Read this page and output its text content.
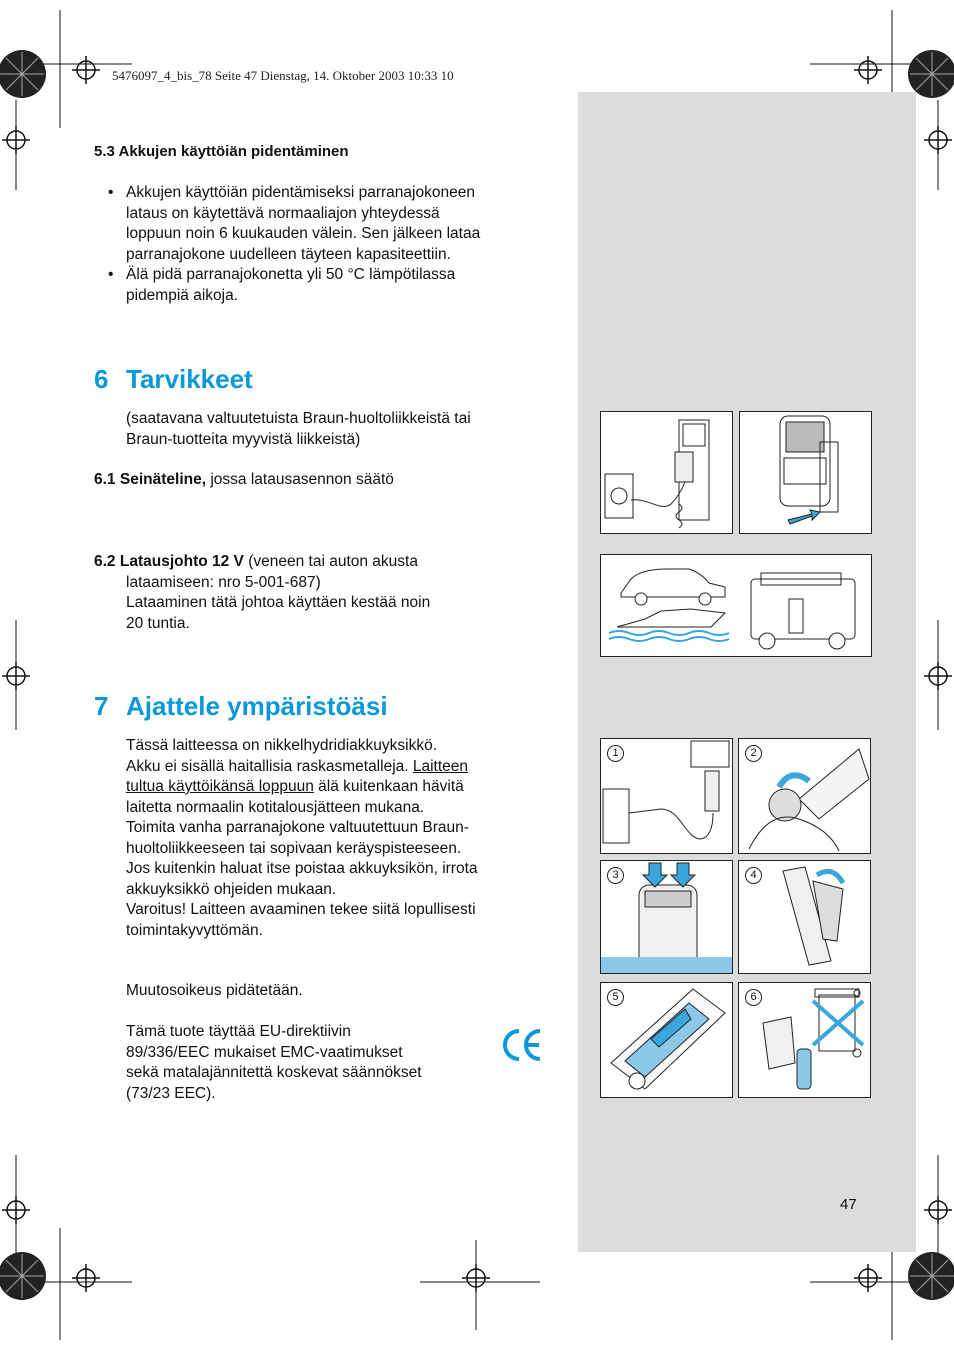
5476097_4_bis_78 Seite 47 Dienstag, 14. Oktober 2003 10:33 10
5.3 Akkujen käyttöiän pidentäminen
• Akkujen käyttöiän pidentämiseksi parranajokoneen
lataus on käytettävä normaaliajon yhteydessä
loppuun noin 6 kuukauden välein. Sen jälkeen lataa
parranajokone uudelleen täyteen kapasiteettiin.
• Älä pidä parranajokonetta yli 50 °C lämpötilassa
pidempiä aikoja.
6 Tarvikkeet
(saatavana valtuutetuista Braun-huoltoliikkeistä tai
Braun-tuotteita myyvistä liikkeistä)
6.1 Seinäteline, jossa latausasennon säätö
6.2 Latausjohto 12 V (veneen tai auton akusta
lataamiseen: nro 5-001-687)
Lataaminen tätä johtoa käyttäen kestää noin
20 tuntia.
7 Ajattele ympäristöäsi
Tässä laitteessa on nikkelhydridiakkuyksikkö.
Akku ei sisällä haitallisia raskasmetalleja. Laitteen
tultua käyttöikänsä loppuun älä kuitenkaan hävitä
laitetta normaalin kotitalousjätteen mukana.
Toimita vanha parranajokone valtuutettuun Braun-
huoltoliikkeeseen tai sopivaan keräyspisteeseen.
Jos kuitenkin haluat itse poistaa akkuyksikön, irrota
akkuyksikkö ohjeiden mukaan.
Varoitus! Laitteen avaaminen tekee siitä lopullisesti
toimintakyvyttömän.
Muutosoikeus pidätetään.
Tämä tuote täyttää EU-direktiivin
89/336/EEC mukaiset EMC-vaatimukset
sekä matalajännitettä koskevat säännökset
(73/23 EEC).
1	2
3	4
5	6
47
